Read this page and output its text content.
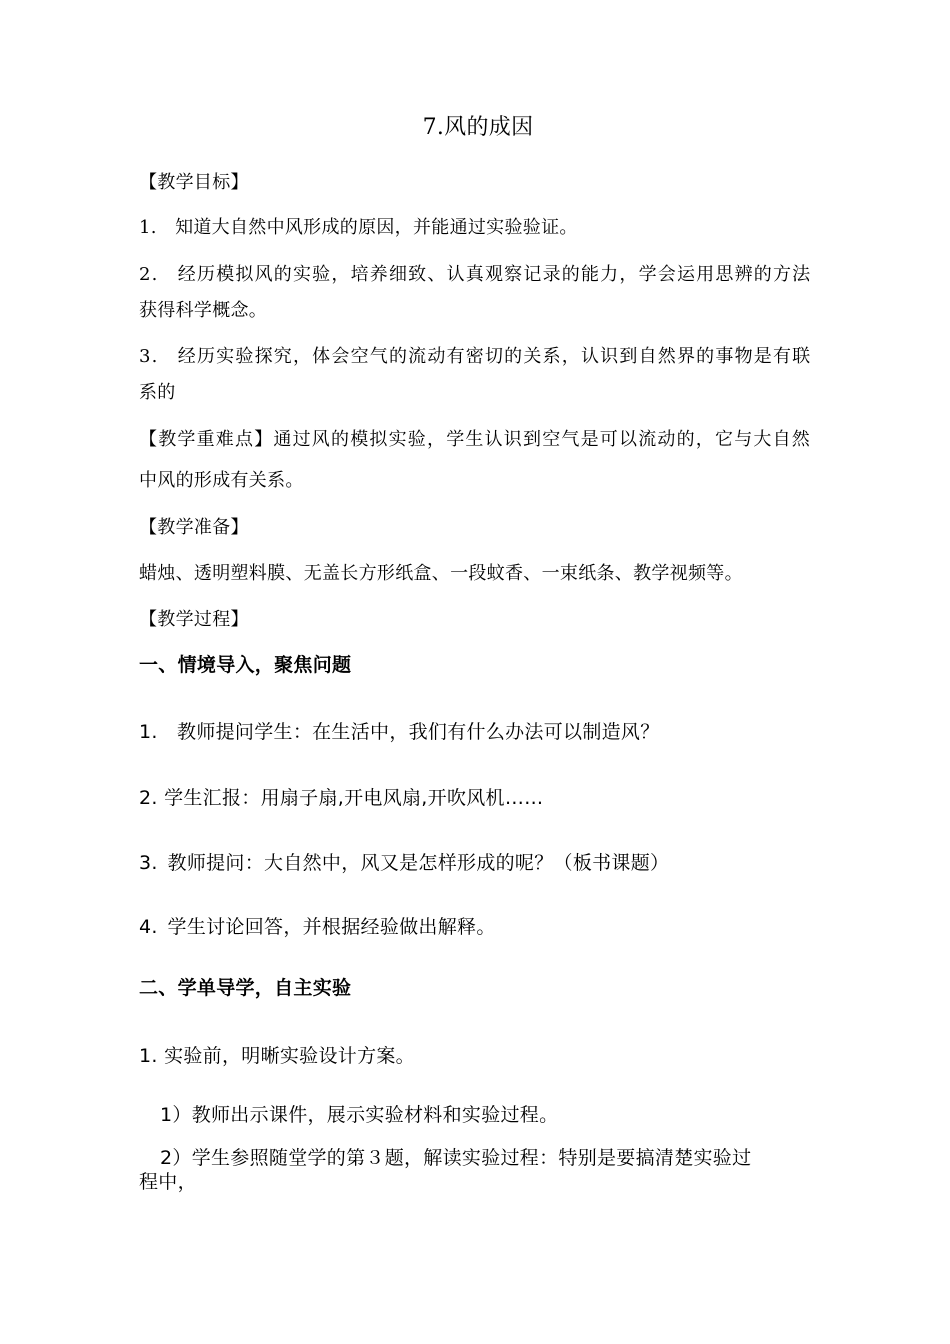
7.风的成因
【教学目标】
1.　知道大自然中风形成的原因，并能通过实验验证。
2.　经历模拟风的实验，培养细致、认真观察记录的能力，学会运用思辨的方法
获得科学概念。
3.　经历实验探究，体会空气的流动有密切的关系，认识到自然界的事物是有联
系的
【教学重难点】通过风的模拟实验，学生认识到空气是可以流动的，它与大自然
中风的形成有关系。
【教学准备】
蜡烛、透明塑料膜、无盖长方形纸盒、一段蚊香、一束纸条、教学视频等。
【教学过程】
一、情境导入，聚焦问题
1.　教师提问学生：在生活中，我们有什么办法可以制造风？
2. 学生汇报：用扇子扇,开电风扇,开吹风机……
3. 教师提问：大自然中，风又是怎样形成的呢？（板书课题）
4. 学生讨论回答，并根据经验做出解释。
二、学单导学，自主实验
1. 实验前，明晰实验设计方案。
1）教师出示课件，展示实验材料和实验过程。
2）学生参照随堂学的第３题，解读实验过程：特别是要搞清楚实验过
程中，
